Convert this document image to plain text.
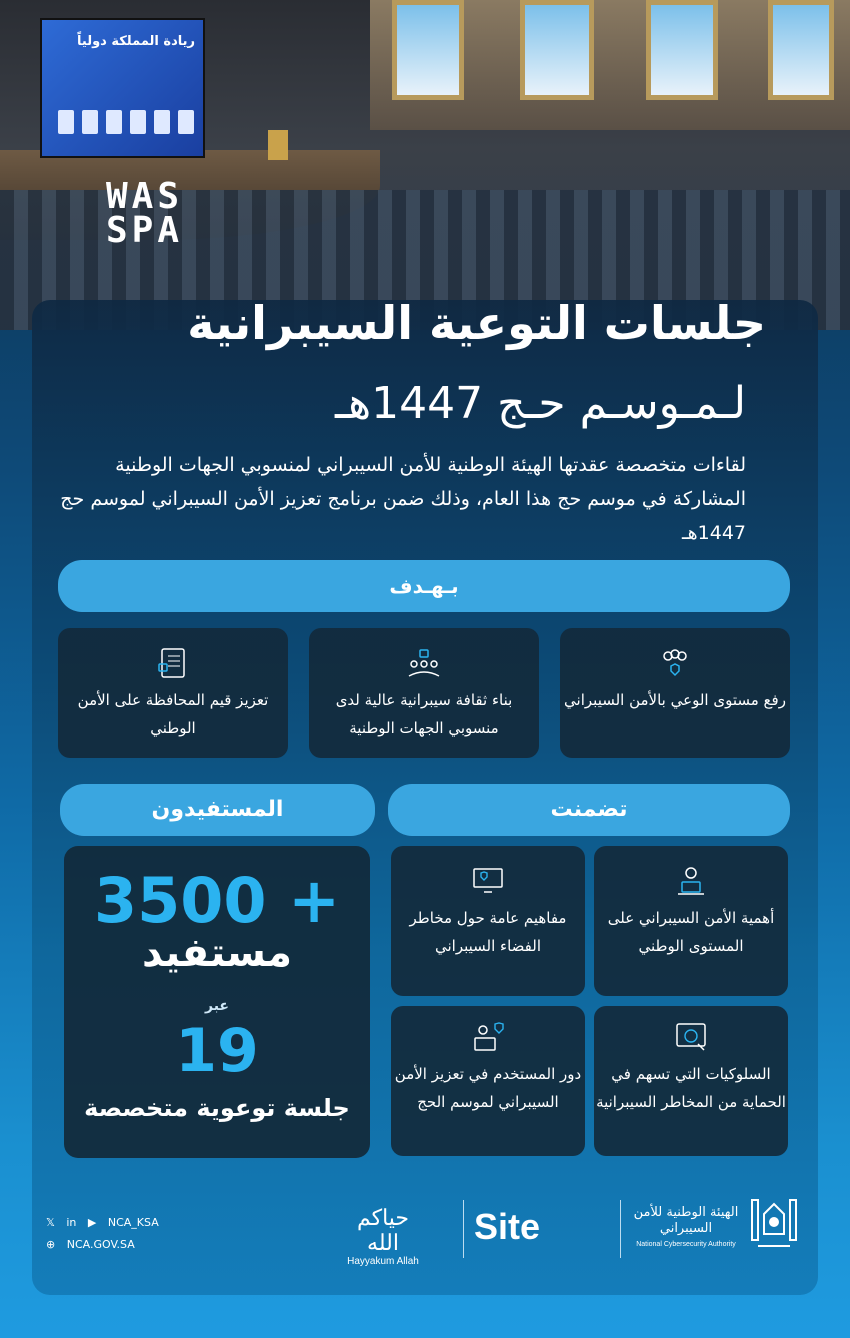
ريادة المملكة دولياً
WAS
SPA
جلسات التوعية السيبرانية
لـمـوسـم حـج 1447هـ

لقاءات متخصصة عقدتها الهيئة الوطنية للأمن السيبراني لمنسوبي الجهات الوطنية المشاركة في موسم حج هذا العام، وذلك ضمن برنامج تعزيز الأمن السيبراني لموسم حج 1447هـ

بـهـدف
رفع مستوى الوعي بالأمن السيبراني
بناء ثقافة سيبرانية عالية لدى منسوبي الجهات الوطنية
تعزيز قيم المحافظة على الأمن الوطني
المستفيدون	تضمنت
3500 +
مستفيد
عبر
19
جلسة توعوية متخصصة
أهمية الأمن السيبراني على المستوى الوطني
مفاهيم عامة حول مخاطر الفضاء السيبراني
السلوكيات التي تسهم في الحماية من المخاطر السيبرانية
دور المستخدم في تعزيز الأمن السيبراني لموسم الحج
𝕏 in ▶ NCA_KSA
⊕ NCA.GOV.SA
حياكم الله
Hayyakum Allah
Site	الهيئة الوطنية للأمن السيبراني
National Cybersecurity Authority
